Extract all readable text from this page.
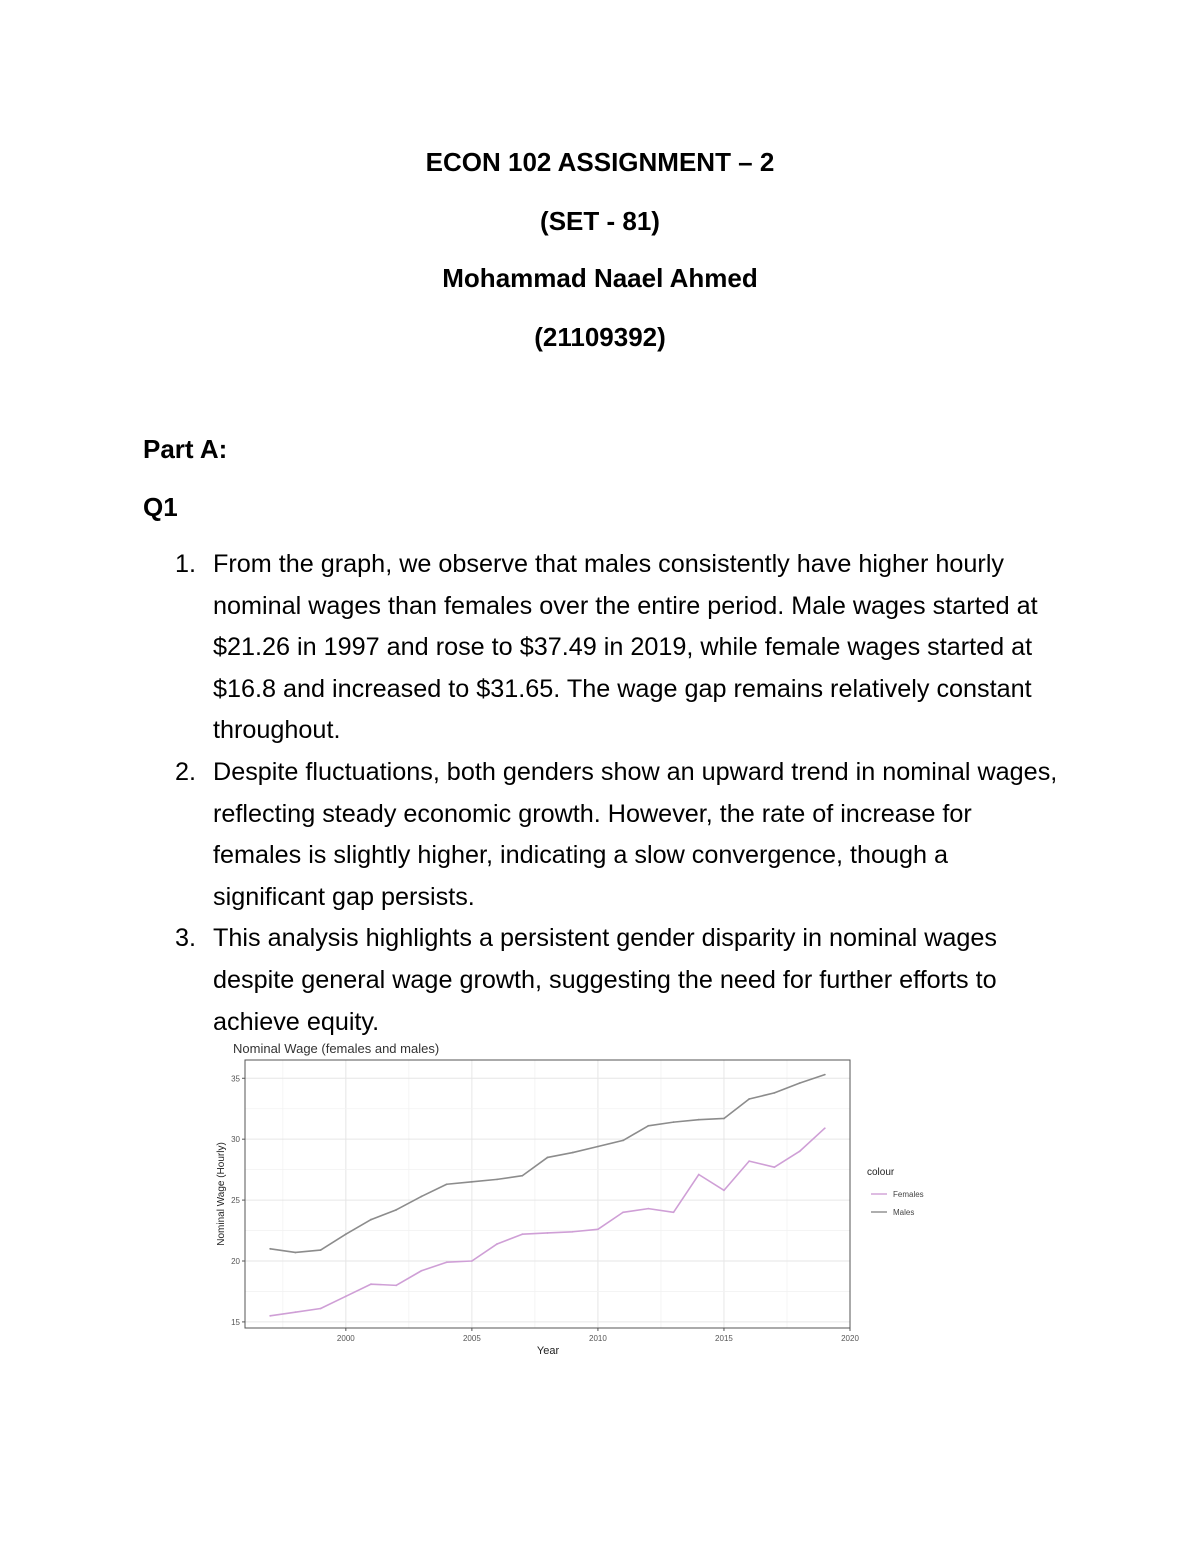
ECON 102 ASSIGNMENT – 2
(SET - 81)
Mohammad Naael Ahmed
(21109392)
Part A:
Q1
1. From the graph, we observe that males consistently have higher hourly nominal wages than females over the entire period. Male wages started at $21.26 in 1997 and rose to $37.49 in 2019, while female wages started at $16.8 and increased to $31.65. The wage gap remains relatively constant throughout.
2. Despite fluctuations, both genders show an upward trend in nominal wages, reflecting steady economic growth. However, the rate of increase for females is slightly higher, indicating a slow convergence, though a significant gap persists.
3. This analysis highlights a persistent gender disparity in nominal wages despite general wage growth, suggesting the need for further efforts to achieve equity.
Nominal Wage (females and males)
2000	2005	2010	2015	2020
15
20
25
30
35
Year
Nominal Wage (Hourly)	colour
Females
Males
